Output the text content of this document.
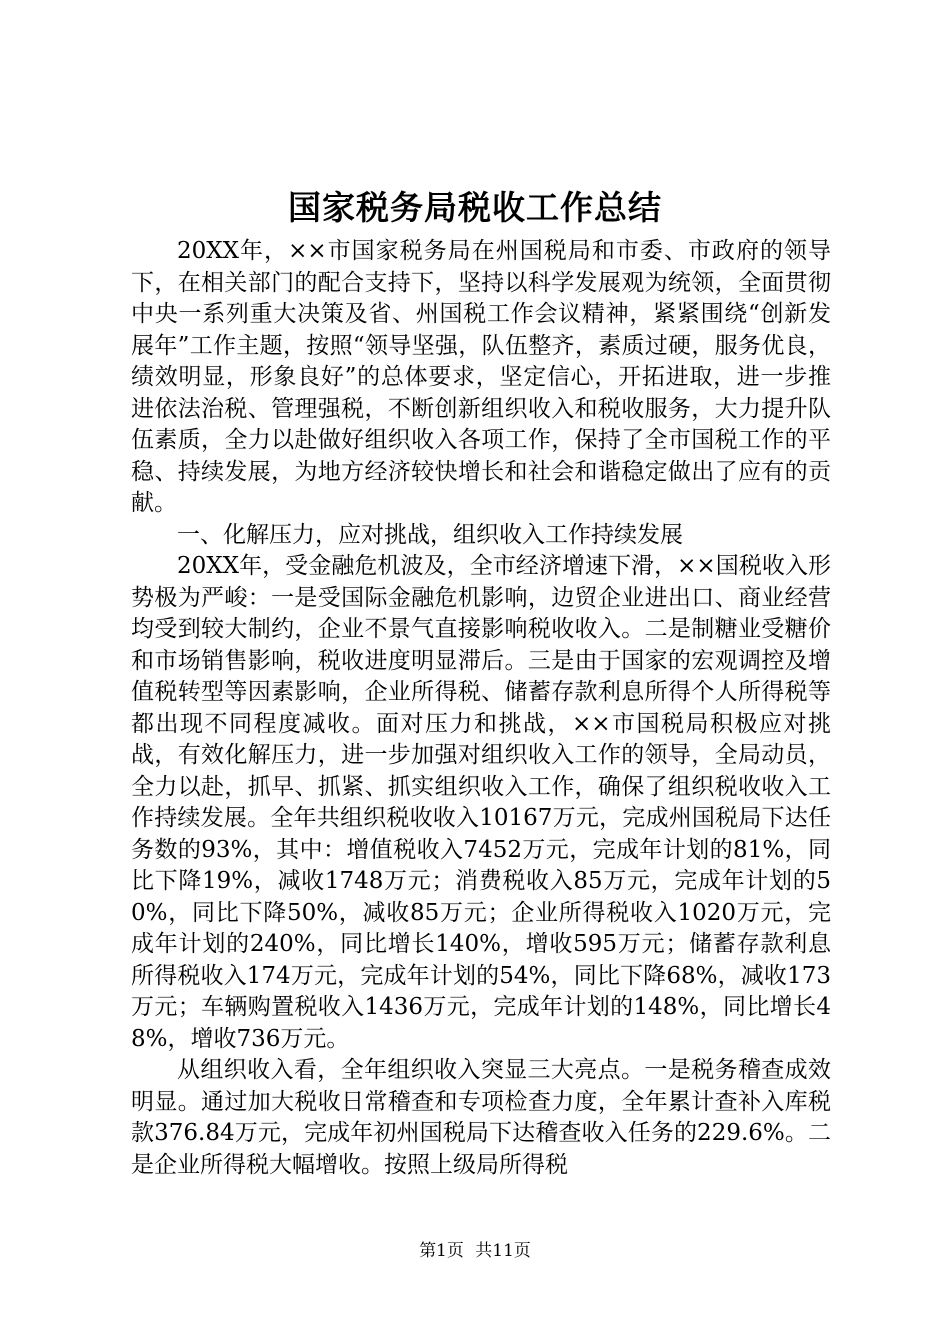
国家税务局税收工作总结

20XX年，××市国家税务局在州国税局和市委、市政府的领导下，在相关部门的配合支持下，坚持以科学发展观为统领，全面贯彻中央一系列重大决策及省、州国税工作会议精神，紧紧围绕“创新发展年”工作主题，按照“领导坚强，队伍整齐，素质过硬，服务优良，绩效明显，形象良好”的总体要求，坚定信心，开拓进取，进一步推进依法治税、管理强税，不断创新组织收入和税收服务，大力提升队伍素质，全力以赴做好组织收入各项工作，保持了全市国税工作的平稳、持续发展，为地方经济较快增长和社会和谐稳定做出了应有的贡献。

一、化解压力，应对挑战，组织收入工作持续发展

20XX年，受金融危机波及，全市经济增速下滑，××国税收入形势极为严峻：一是受国际金融危机影响，边贸企业进出口、商业经营均受到较大制约，企业不景气直接影响税收收入。二是制糖业受糖价和市场销售影响，税收进度明显滞后。三是由于国家的宏观调控及增值税转型等因素影响，企业所得税、储蓄存款利息所得个人所得税等都出现不同程度减收。面对压力和挑战，××市国税局积极应对挑战，有效化解压力，进一步加强对组织收入工作的领导，全局动员，全力以赴，抓早、抓紧、抓实组织收入工作，确保了组织税收收入工作持续发展。全年共组织税收收入10167万元，完成州国税局下达任务数的93%，其中：增值税收入7452万元，完成年计划的81%，同比下降19%，减收1748万元；消费税收入85万元，完成年计划的50%，同比下降50%，减收85万元；企业所得税收入1020万元，完成年计划的240%，同比增长140%，增收595万元；储蓄存款利息所得税收入174万元，完成年计划的54%，同比下降68%，减收173万元；车辆购置税收入1436万元，完成年计划的148%，同比增长48%，增收736万元。

从组织收入看，全年组织收入突显三大亮点。一是税务稽查成效明显。通过加大税收日常稽查和专项检查力度，全年累计查补入库税款376.84万元，完成年初州国税局下达稽查收入任务的229.6%。二是企业所得税大幅增收。按照上级局所得税

第1页 共11页
